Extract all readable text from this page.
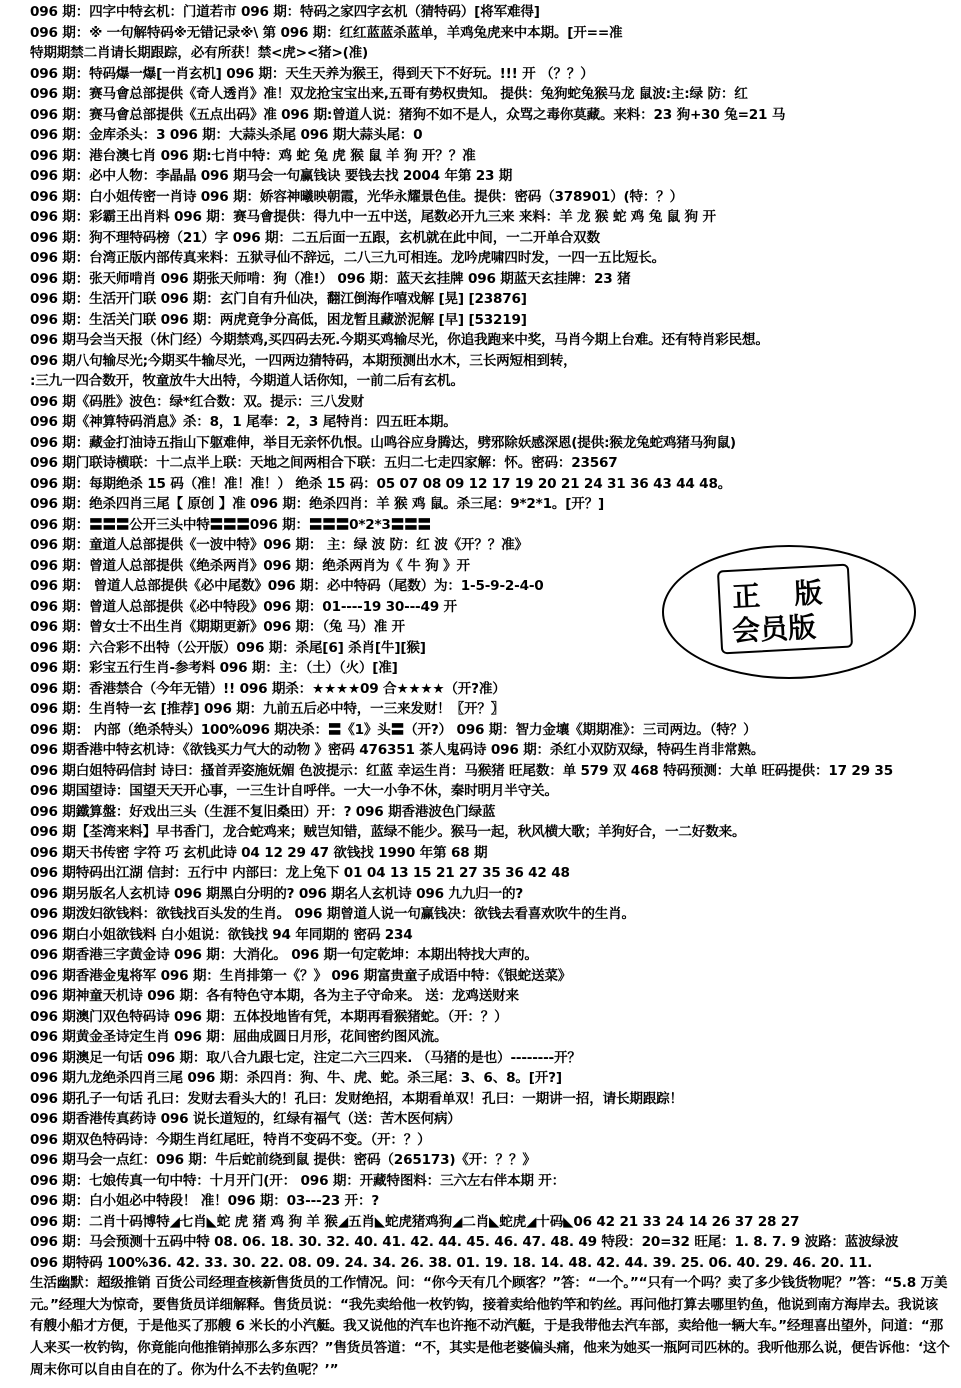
096 期：四字中特玄机：门道若市 096 期：特码之家四字玄机（猜特码）[将军难得]
096 期：※ 一句解特码※无错记录※\ 第 096 期：红红蓝蓝杀蓝单，羊鸡兔虎来中本期。[开==准
特期期禁二肖请长期跟踪，必有所获！禁<虎><猪>(准)
096 期：特码爆一爆[一肖玄机] 096 期：天生天养为猴王，得到天下不好玩。!!! 开 （？？）
096 期：赛马會总部提供《奇人透肖》准！双龙抢宝宝出来,五哥有势权贵知。 提供：兔狗蛇兔猴马龙 鼠波:主:绿 防：红
096 期：赛马會总部提供《五点出码》准 096 期:曾道人说：猪狗不如不是人，众骂之毒你莫藏。来料：23 狗+30 兔=21 马
096 期：金库杀头：3 096 期：大蒜头杀尾 096 期大蒜头尾：0
096 期：港台澳七肖 096 期:七肖中特：鸡 蛇 兔 虎 猴 鼠 羊 狗 开？？准
096 期：必中人物：李晶晶 096 期马会一句赢钱诀 要钱去找 2004 年第 23 期
096 期：白小姐传密一肖诗 096 期：娇容神曦映朝霞，光华永耀景色佳。提供：密码（378901）(特：？）
096 期：彩霸王出肖料 096 期：赛马會提供：得九中一五中送，尾数必开九三来 来料：羊 龙 猴 蛇 鸡 兔 鼠 狗 开
096 期：狗不理特码榜（21）字 096 期：二五后面一五跟，玄机就在此中间，一二开单合双数
096 期：台湾正版内部传真来料：五狱寻仙不辞远，二八三九可相连。龙吟虎啸四时发，一四一五比短长。
096 期：张天师啃肖 096 期张天师啃：狗（准!） 096 期：蓝天玄挂牌 096 期蓝天玄挂牌：23 猪
096 期：生活开门联 096 期：玄门自有升仙决，翻江倒海作嘻戏解 [晃] [23876]
096 期：生活关门联 096 期：两虎竟争分高低，困龙暂且藏淤泥解 [早] [53219]
096 期马会当天报（休门经）今期禁鸡,买四码去死.今期买鸡输尽光，你追我跑来中奖，马肖今期上台难。还有特肖彩民想。
096 期八句输尽光;今期买牛输尽光，一四两边猜特码，本期预测出水木，三长两短相到转，
:三九一四合数开，牧童放牛大出特，今期道人话你知，一前二后有玄机。
096 期《码胜》波色：绿*红合数：双。提示：三八发财
096 期《神算特码消息》杀：8，1 尾奉：2，3 尾特肖：四五旺本期。
096 期：藏金打油诗五指山下躯难伸，举目无亲怀仇恨。山鸣谷应身腾达，劈邪除妖感深恩(提供:猴龙兔蛇鸡猪马狗鼠)
096 期门联诗横联：十二点半上联：天地之间两相合下联：五归二七走四家解：怀。密码：23567
096 期：每期绝杀 15 码（准！准！准！） 绝杀 15 码：05 07 08 09 12 17 19 20 21 24 31 36 43 44 48。
096 期：绝杀四肖三尾【 原创 】准 096 期：绝杀四肖：羊 猴 鸡 鼠。杀三尾：9*2*1。[开？]
096 期：〓〓〓公开三头中特〓〓〓096 期：〓〓〓0*2*3〓〓〓
096 期：童道人总部提供《一波中特》096 期： 主：绿 波 防：红 波《开？？准》
096 期：曾道人总部提供《绝杀两肖》096 期：绝杀两肖为《 牛 狗 》开
096 期： 曾道人总部提供《必中尾数》096 期：必中特码（尾数）为：1-5-9-2-4-0
096 期：曾道人总部提供《必中特段》096 期：01----19 30---49 开
096 期：曾女士不出生肖《期期更新》096 期：（兔 马）准 开
096 期：六合彩不出特（公开版）096 期：杀尾[6] 杀肖[牛][猴]
096 期：彩宝五行生肖-参考料 096 期：主：（土）（火）[准]
096 期：香港禁合（今年无错）!! 096 期杀：★★★★09 合★★★★（开?准）
096 期：生肖特一玄 [推荐] 096 期：九前五后必中特，一三来发财！〖开？〗
096 期： 内部（绝杀特头）100%096 期决杀：〓《1》头〓（开?） 096 期：智力金壤《期期准》：三司两边。（特？）
096 期香港中特玄机诗：《欲钱买力气大的动物 》密码 476351 茶人鬼码诗 096 期：杀红小双防双绿，特码生肖非常熟。
096 期白姐特码信封 诗曰：搔首弄姿施妩媚 色波提示：红蓝 幸运生肖：马猴猪 旺尾数：单 579 双 468 特码预测：大单 旺码提供：17 29 35
096 期国望诗：国望天天开心事，一三生计自呼伴。一大一小争不休，秦时明月半守关。
096 期鐵算盤：好戏出三头（生涯不复旧桑田）开：? 096 期香港波色门绿蓝
096 期【荃湾来料】早书香门，龙合蛇鸡来；贼岂知错，蓝绿不能少。猴马一起，秋风横大歌；羊狗好合，一二好数来。
096 期天书传密 字符 巧 玄机此诗 04 12 29 47 欲钱找 1990 年第 68 期
096 期特码出江湖 信封：五行中 内部曰：龙上兔下 01 04 13 15 21 27 35 36 42 48
096 期另版名人玄机诗 096 期黑白分明的? 096 期名人玄机诗 096 九九归一的?
096 期泼妇欲钱料：欲钱找百头发的生肖。 096 期曾道人说一句赢钱决：欲钱去看喜欢吹牛的生肖。
096 期白小姐欲钱料 白小姐说：欲钱找 94 年同期的 密码 234
096 期香港三字黄金诗 096 期：大消化。 096 期一句定乾坤：本期出特找大声的。
096 期香港金鬼将军 096 期：生肖排第一《？》 096 期富贵童子成语中特：《银蛇送菜》
096 期神童天机诗 096 期：各有特色守本期，各为主子守命来。 送：龙鸡送财来
096 期澳门双色特码诗 096 期：五体投地皆有凭，本期再看猴猪蛇。（开：？）
096 期黄金圣诗定生肖 096 期：屈曲成圆日月形，花间密约图风流。
096 期澳足一句话 096 期：取八合九跟七定，注定二六三四来. （马猪的是也）--------开？
096 期九龙绝杀四肖三尾 096 期：杀四肖：狗、牛、虎、蛇。杀三尾：3、6、8。[开?]
096 期孔子一句话 孔曰：发财去看头大的！孔曰：发财绝招，本期看单双！孔曰：一期讲一招，请长期跟踪！
096 期香港传真药诗 096 说长道短的，红绿有福气（送：苦木医何病）
096 期双色特码诗：今期生肖红尾旺，特肖不变码不变。（开：？）
096 期马会一点红：096 期：牛后蛇前绕到鼠 提供：密码（265173)《开：？？》
096 期：七娘传真一句中特：十月开门(开： 096 期：开藏特图料：三六左右伴本期 开：
096 期：白小姐必中特段！ 准！096 期：03---23 开：?
096 期：二肖十码博特◢七肖◣蛇 虎 猪 鸡 狗 羊 猴◢五肖◣蛇虎猪鸡狗◢二肖◣蛇虎◢十码◣06 42 21 33 24 14 26 37 28 27
096 期：马会预测十五码中特 08. 06. 18. 30. 32. 40. 41. 42. 44. 45. 46. 47. 48. 49 特段：20=32 旺尾：1. 8. 7. 9 波路：蓝波绿波
096 期特码 100%36. 42. 33. 30. 22. 08. 09. 24. 34. 26. 38. 01. 19. 18. 14. 48. 42. 44. 39. 25. 06. 40. 29. 46. 20. 11.
生活幽默：超级推销 百货公司经理查核新售货员的工作情况。问：“你今天有几个顾客？”答：“一个。”“只有一个吗？卖了多少钱货物呢？”答：“5.8 万美元。”经理大为惊奇，要售货员详细解释。售货员说：“我先卖给他一枚钓钩，接着卖给他钓竿和钓丝。再问他打算去哪里钓鱼，他说到南方海岸去。我说该有艘小船才方便，于是他买了那艘 6 米长的小汽艇。我又说他的汽车也许拖不动汽艇，于是我带他去汽车部，卖给他一辆大车。”经理喜出望外，问道：“那人来买一枚钓钩，你竟能向他推销掉那么多东西？”售货员答道：“不，其实是他老婆偏头痛，他来为她买一瓶阿司匹林的。我听他那么说，便告诉他：‘这个周末你可以自由自在的了。你为什么不去钓鱼呢？’”
正版
会员版
